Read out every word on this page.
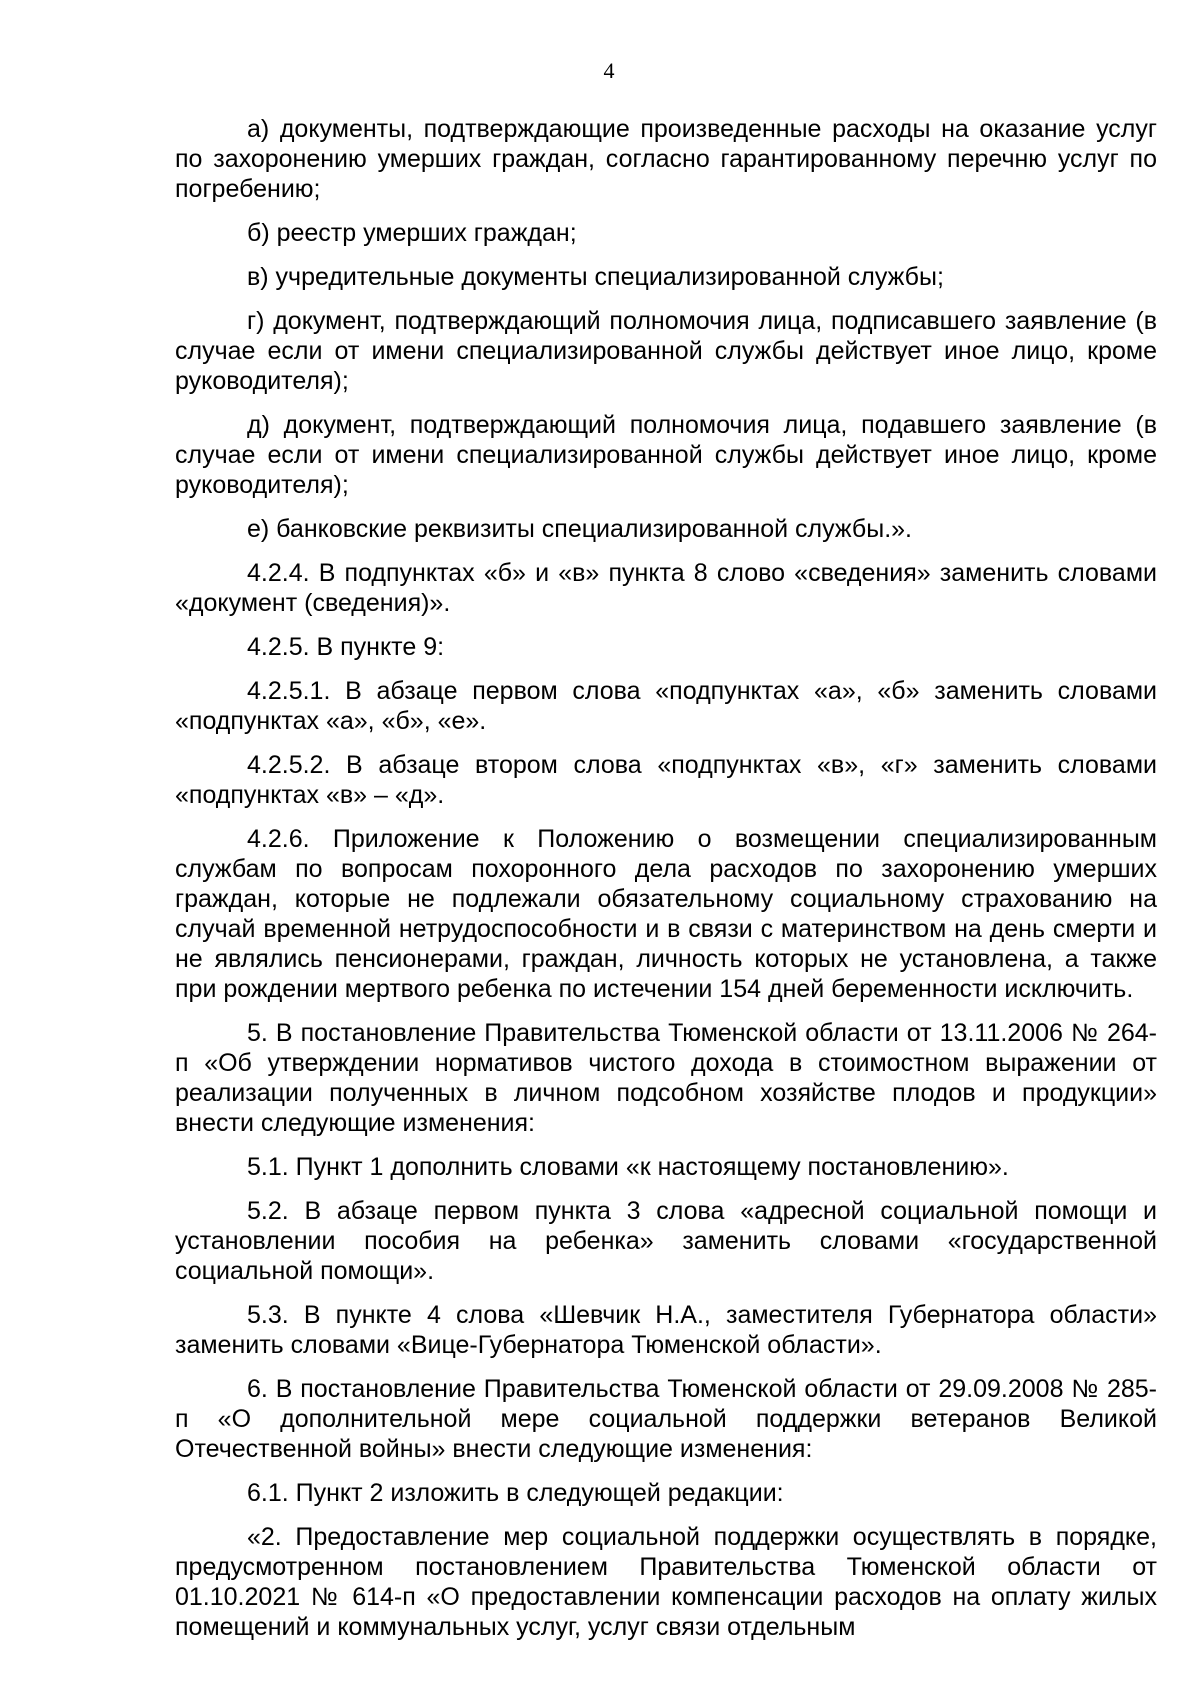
4

а) документы, подтверждающие произведенные расходы на оказание услуг по захоронению умерших граждан, согласно гарантированному перечню услуг по погребению;

б) реестр умерших граждан;

в) учредительные документы специализированной службы;

г) документ, подтверждающий полномочия лица, подписавшего заявление (в случае если от имени специализированной службы действует иное лицо, кроме руководителя);

д) документ, подтверждающий полномочия лица, подавшего заявление (в случае если от имени специализированной службы действует иное лицо, кроме руководителя);

е) банковские реквизиты специализированной службы.».

4.2.4. В подпунктах «б» и «в» пункта 8 слово «сведения» заменить словами «документ (сведения)».

4.2.5. В пункте 9:

4.2.5.1. В абзаце первом слова «подпунктах «а», «б» заменить словами «подпунктах «а», «б», «е».

4.2.5.2. В абзаце втором слова «подпунктах «в», «г» заменить словами «подпунктах «в» – «д».

4.2.6. Приложение к Положению о возмещении специализированным службам по вопросам похоронного дела расходов по захоронению умерших граждан, которые не подлежали обязательному социальному страхованию на случай временной нетрудоспособности и в связи с материнством на день смерти и не являлись пенсионерами, граждан, личность которых не установлена, а также при рождении мертвого ребенка по истечении 154 дней беременности исключить.

5. В постановление Правительства Тюменской области от 13.11.2006 № 264-п «Об утверждении нормативов чистого дохода в стоимостном выражении от реализации полученных в личном подсобном хозяйстве плодов и продукции» внести следующие изменения:

5.1. Пункт 1 дополнить словами «к настоящему постановлению».

5.2. В абзаце первом пункта 3 слова «адресной социальной помощи и установлении пособия на ребенка» заменить словами «государственной социальной помощи».

5.3. В пункте 4 слова «Шевчик Н.А., заместителя Губернатора области» заменить словами «Вице-Губернатора Тюменской области».

6. В постановление Правительства Тюменской области от 29.09.2008 № 285-п «О дополнительной мере социальной поддержки ветеранов Великой Отечественной войны» внести следующие изменения:

6.1. Пункт 2 изложить в следующей редакции:

«2. Предоставление мер социальной поддержки осуществлять в порядке, предусмотренном постановлением Правительства Тюменской области от 01.10.2021 № 614-п «О предоставлении компенсации расходов на оплату жилых помещений и коммунальных услуг, услуг связи отдельным
